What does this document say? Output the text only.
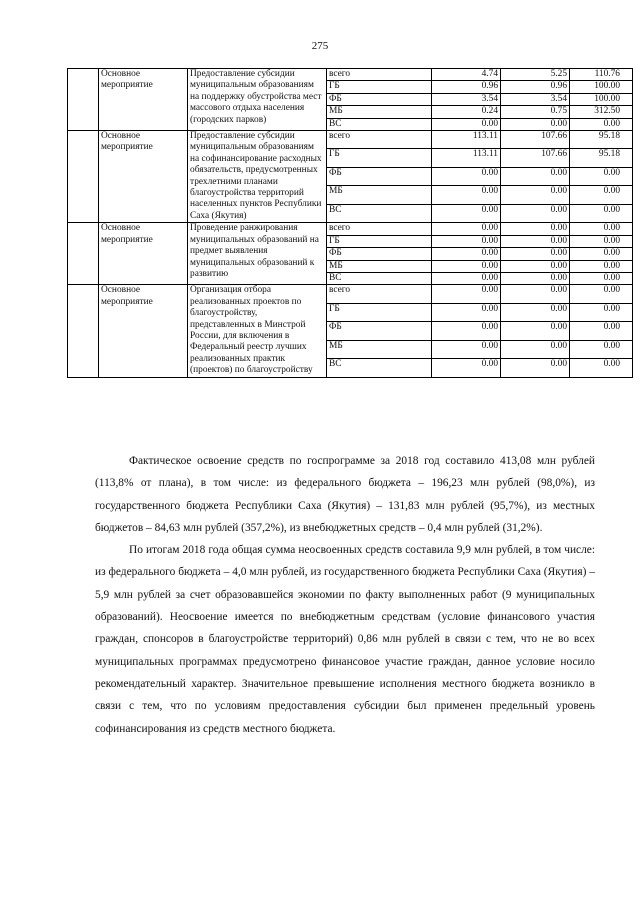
275
	Основное мероприятие	Предоставление субсидии муниципальным образованиям на поддержку обустройства мест массового отдыха населения (городских парков)	всего	4.74	5.25	110.76
			ГБ	0.96	0.96	100.00
			ФБ	3.54	3.54	100.00
			МБ	0.24	0.75	312.50
			ВС	0.00	0.00	0.00
	Основное мероприятие	Предоставление субсидии муниципальным образованиям на софинансирование расходных обязательств, предусмотренных трехлетними планами благоустройства территорий населенных пунктов Республики Саха (Якутия)	всего	113.11	107.66	95.18
			ГБ	113.11	107.66	95.18
			ФБ	0.00	0.00	0.00
			МБ	0.00	0.00	0.00
			ВС	0.00	0.00	0.00
	Основное мероприятие	Проведение ранжирования муниципальных образований на предмет выявления муниципальных образований к развитию	всего	0.00	0.00	0.00
			ГБ	0.00	0.00	0.00
			ФБ	0.00	0.00	0.00
			МБ	0.00	0.00	0.00
			ВС	0.00	0.00	0.00
	Основное мероприятие	Организация отбора реализованных проектов по благоустройству, представленных в Минстрой России, для включения в Федеральный реестр лучших реализованных практик (проектов) по благоустройству	всего	0.00	0.00	0.00
			ГБ	0.00	0.00	0.00
			ФБ	0.00	0.00	0.00
			МБ	0.00	0.00	0.00
			ВС	0.00	0.00	0.00

Фактическое освоение средств по госпрограмме за 2018 год составило 413,08 млн рублей (113,8% от плана), в том числе: из федерального бюджета – 196,23 млн рублей (98,0%), из государственного бюджета Республики Саха (Якутия) – 131,83 млн рублей (95,7%), из местных бюджетов – 84,63 млн рублей (357,2%), из внебюджетных средств – 0,4 млн рублей (31,2%).

По итогам 2018 года общая сумма неосвоенных средств составила 9,9 млн рублей, в том числе: из федерального бюджета – 4,0 млн рублей, из государственного бюджета Республики Саха (Якутия) – 5,9 млн рублей за счет образовавшейся экономии по факту выполненных работ (9 муниципальных образований). Неосвоение имеется по внебюджетным средствам (условие финансового участия граждан, спонсоров в благоустройстве территорий) 0,86 млн рублей в связи с тем, что не во всех муниципальных программах предусмотрено финансовое участие граждан, данное условие носило рекомендательный характер. Значительное превышение исполнения местного бюджета возникло в связи с тем, что по условиям предоставления субсидии был применен предельный уровень софинансирования из средств местного бюджета.
